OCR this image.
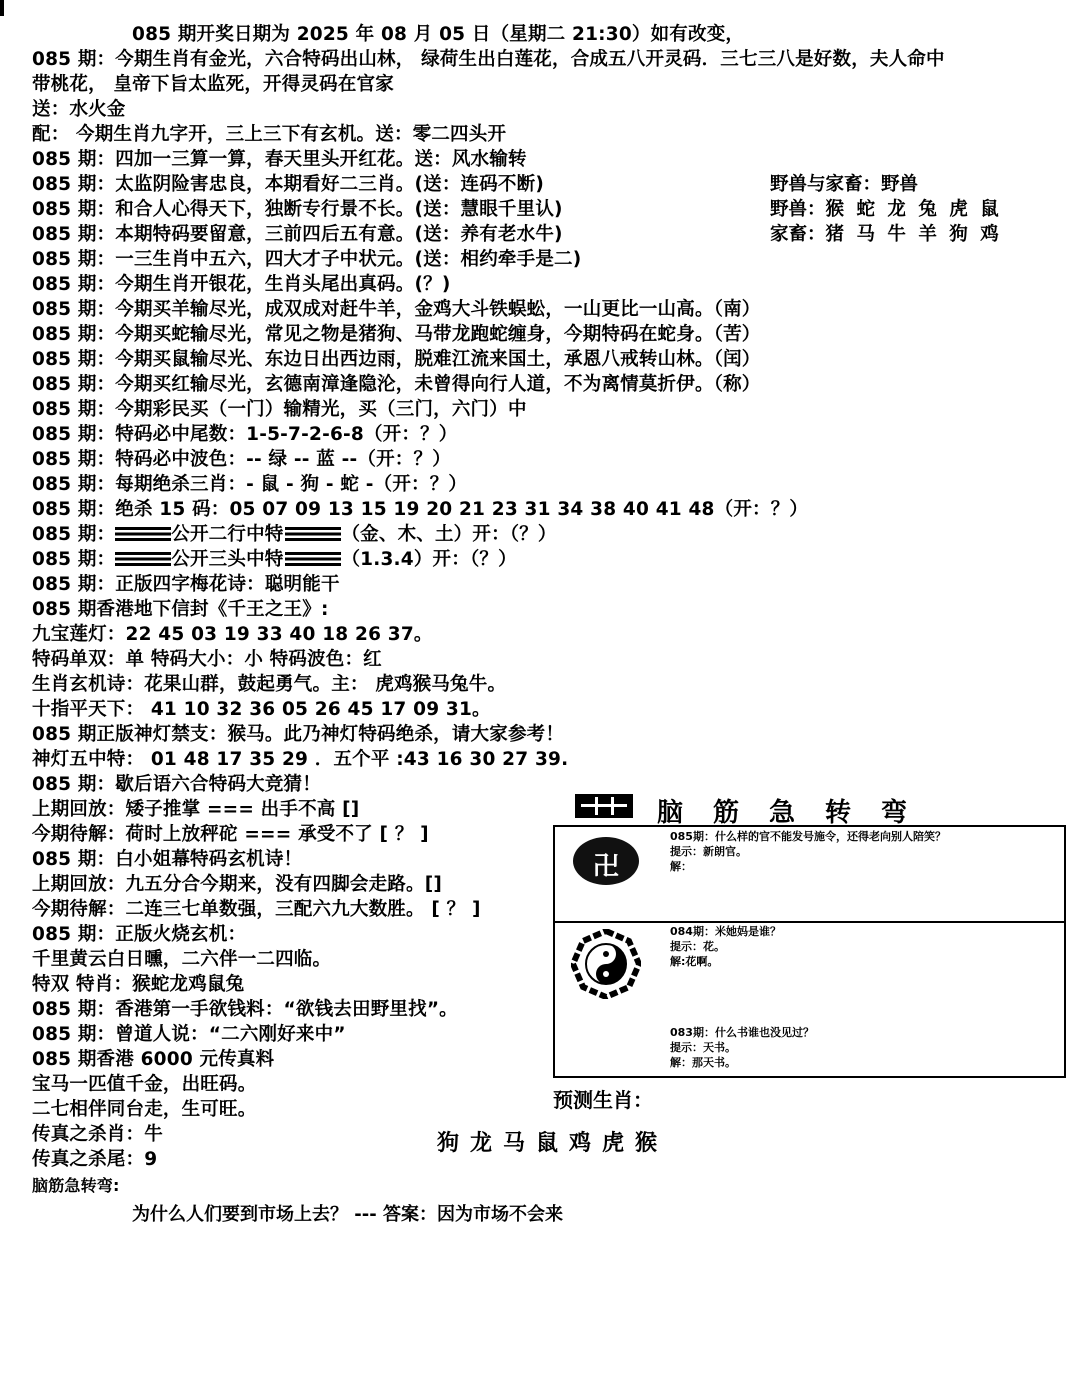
085 期开奖日期为 2025 年 08 月 05 日（星期二 21:30）如有改变，
085 期：今期生肖有金光，六合特码出山林， 绿荷生出白莲花，合成五八开灵码．三七三八是好数，夫人命中
带桃花， 皇帝下旨太监死，开得灵码在官家
送：水火金
配： 今期生肖九字开，三上三下有玄机。送：零二四头开
085 期：四加一三算一算，春天里头开红花。送：风水输转
085 期：太监阴险害忠良，本期看好二三肖。(送：连码不断)
085 期：和合人心得天下，独断专行景不长。(送：慧眼千里认)
085 期：本期特码要留意，三前四后五有意。(送：养有老水牛)
085 期：一三生肖中五六，四大才子中状元。(送：相约牵手是二)
085 期：今期生肖开银花，生肖头尾出真码。(？)
085 期：今期买羊输尽光，成双成对赶牛羊，金鸡大斗铁蜈蚣，一山更比一山高。（南）
085 期：今期买蛇输尽光，常见之物是猪狗、马带龙跑蛇缠身，今期特码在蛇身。（苦）
085 期：今期买鼠输尽光、东边日出西边雨，脱难江流来国土，承恩八戒转山林。（闰）
085 期：今期买红输尽光，玄德南漳逢隐沦，未曾得向行人道，不为离情莫折伊。（称）
085 期：今期彩民买（一门）输精光，买（三门，六门）中
085 期：特码必中尾数：1-5-7-2-6-8（开：？）
085 期：特码必中波色：-- 绿 -- 蓝 --（开：？）
085 期：每期绝杀三肖：- 鼠 - 狗 - 蛇 -（开：？）
085 期：绝杀 15 码：05 07 09 13 15 19 20 21 23 31 34 38 40 41 48（开：？）
085 期：	公开二行中特	（金、木、土）开：（？）
085 期：	公开三头中特	（1.3.4）开：（？）
085 期：正版四字梅花诗：聪明能干
085 期香港地下信封《千王之王》:
九宝莲灯：22 45 03 19 33 40 18 26 37。
特码单双：单 特码大小：小 特码波色：红
生肖玄机诗：花果山群，鼓起勇气。主： 虎鸡猴马兔牛。
十指平天下： 41 10 32 36 05 26 45 17 09 31。
085 期正版神灯禁支：猴马。此乃神灯特码绝杀，请大家参考！
神灯五中特： 01 48 17 35 29 ．五个平 :43 16 30 27 39.
085 期：歇后语六合特码大竞猜！
上期回放：矮子推掌 === 出手不高 []
今期待解：荷时上放秤砣 === 承受不了 [ ？ ]
085 期：白小姐幕特码玄机诗！
上期回放：九五分合今期来，没有四脚会走路。[]
今期待解：二连三七单数强，三配六九大数胜。 [ ？ ]
085 期：正版火烧玄机：
千里黄云白日曛，二六伴一二四临。
特双 特肖：猴蛇龙鸡鼠兔
085 期：香港第一手欲钱料：“欲钱去田野里找”。
085 期：曾道人说：“二六刚好来中”
085 期香港 6000 元传真料
宝马一匹值千金，出旺码。
二七相伴同台走，生可旺。
传真之杀肖：牛
传真之杀尾：9
脑筋急转弯:
野兽与家畜：野兽
野兽：猴 蛇 龙 兔 虎 鼠
家畜：猪 马 牛 羊 狗 鸡
脑筋急转弯
卍
085期：什么样的官不能发号施令，还得老向别人陪笑？
提示：新朗官。
解：
084期：米她妈是谁？
提示：花。
解:花啊。
083期：什么书谁也没见过？
提示：天书。
解：那天书。
预测生肖：
狗龙马鼠鸡虎猴
为什么人们要到市场上去？ --- 答案：因为市场不会来
